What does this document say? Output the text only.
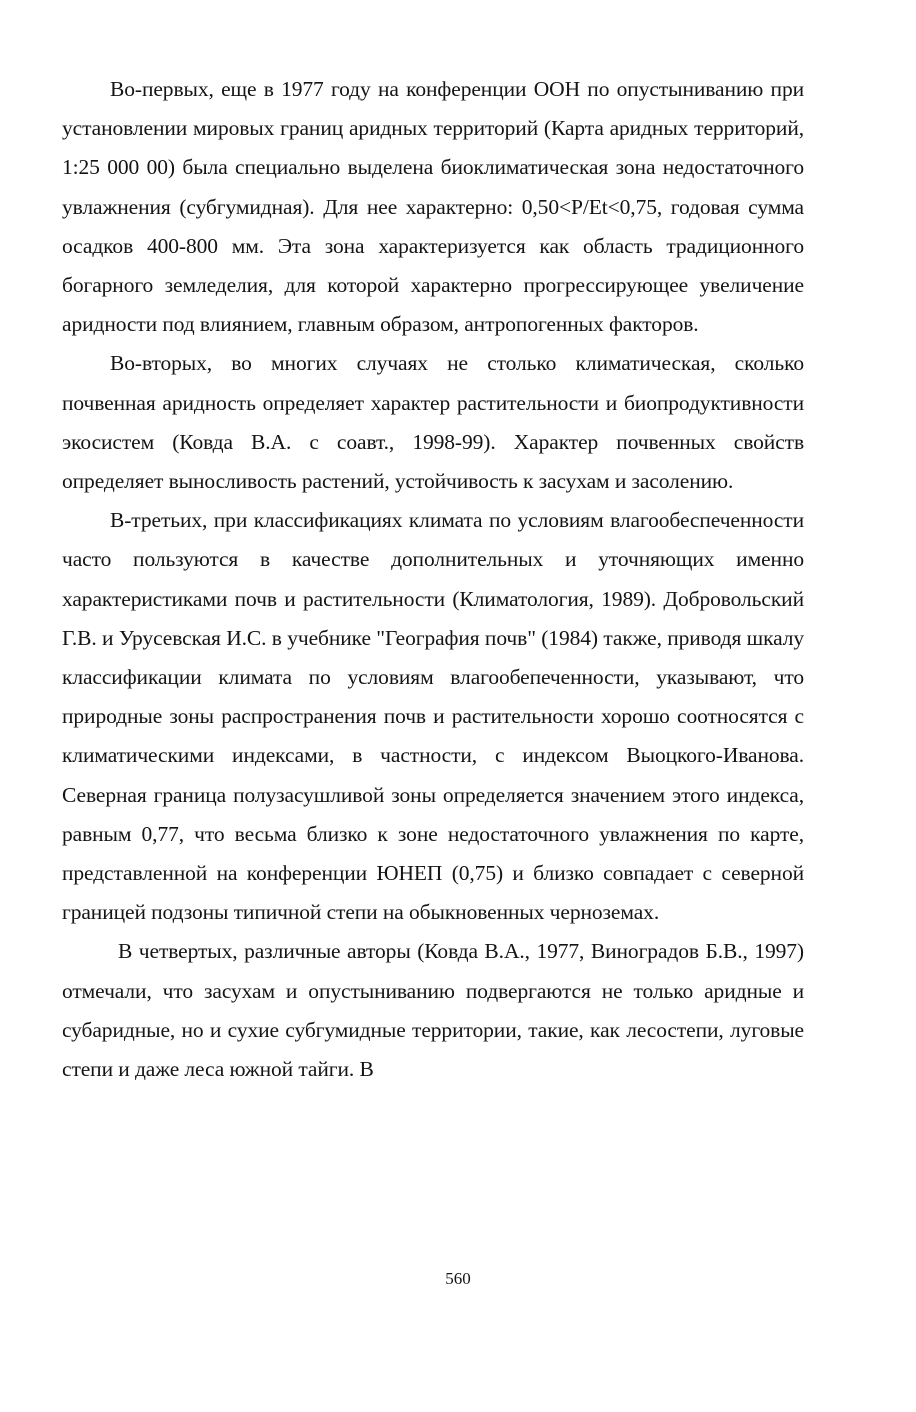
Во-первых, еще в 1977 году на конференции ООН по опустыниванию при установлении мировых границ аридных территорий (Карта аридных территорий, 1:25 000 00) была специально выделена биоклиматическая зона недостаточного увлажнения (субгумидная). Для нее характерно: 0,50<P/Et<0,75, годовая сумма осадков 400-800 мм. Эта зона характеризуется как область традиционного богарного земледелия, для которой характерно прогрессирующее увеличение аридности под влиянием, главным образом, антропогенных факторов.

Во-вторых, во многих случаях не столько климатическая, сколько почвенная аридность определяет характер растительности и биопродуктивности экосистем (Ковда В.А. с соавт., 1998-99). Характер почвенных свойств определяет выносливость растений, устойчивость к засухам и засолению.

В-третьих, при классификациях климата по условиям влагообеспеченности часто пользуются в качестве дополнительных и уточняющих именно характеристиками почв и растительности (Климатология, 1989). Добровольский Г.В. и Урусевская И.С. в учебнике "География почв" (1984) также, приводя шкалу классификации климата по условиям влагообепеченности, указывают, что природные зоны распространения почв и растительности хорошо соотносятся с климатическими индексами, в частности, с индексом Выоцкого-Иванова. Северная граница полузасушливой зоны определяется значением этого индекса, равным 0,77, что весьма близко к зоне недостаточного увлажнения по карте, представленной на конференции ЮНЕП (0,75) и близко совпадает с северной границей подзоны типичной степи на обыкновенных черноземах.

В четвертых, различные авторы (Ковда В.А., 1977, Виноградов Б.В., 1997) отмечали, что засухам и опустыниванию подвергаются не только аридные и субаридные, но и сухие субгумидные территории, такие, как лесостепи, луговые степи и даже леса южной тайги. В

560
